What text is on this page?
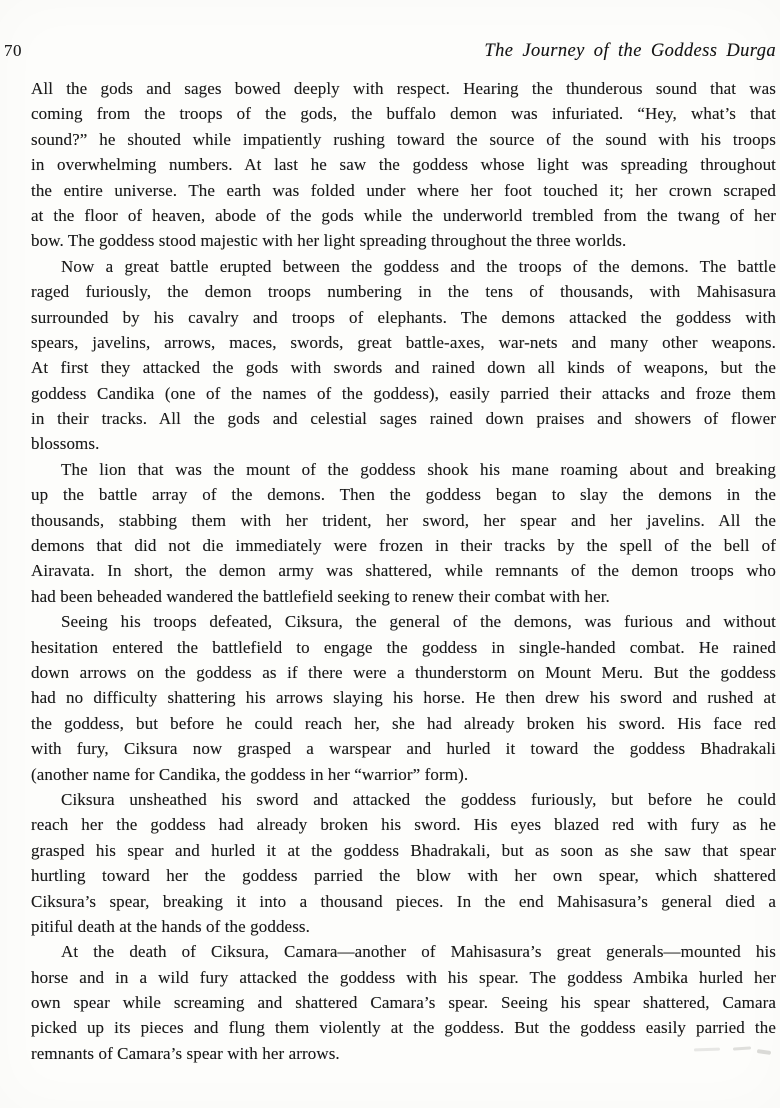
70	The Journey of the Goddess Durga
All the gods and sages bowed deeply with respect. Hearing the thunderous sound that was
coming from the troops of the gods, the buffalo demon was infuriated. “Hey, what’s that
sound?” he shouted while impatiently rushing toward the source of the sound with his troops
in overwhelming numbers. At last he saw the goddess whose light was spreading throughout
the entire universe. The earth was folded under where her foot touched it; her crown scraped
at the floor of heaven, abode of the gods while the underworld trembled from the twang of her
bow. The goddess stood majestic with her light spreading throughout the three worlds.
Now a great battle erupted between the goddess and the troops of the demons. The battle
raged furiously, the demon troops numbering in the tens of thousands, with Mahisasura
surrounded by his cavalry and troops of elephants. The demons attacked the goddess with
spears, javelins, arrows, maces, swords, great battle-axes, war-nets and many other weapons.
At first they attacked the gods with swords and rained down all kinds of weapons, but the
goddess Candika (one of the names of the goddess), easily parried their attacks and froze them
in their tracks. All the gods and celestial sages rained down praises and showers of flower
blossoms.
The lion that was the mount of the goddess shook his mane roaming about and breaking
up the battle array of the demons. Then the goddess began to slay the demons in the
thousands, stabbing them with her trident, her sword, her spear and her javelins. All the
demons that did not die immediately were frozen in their tracks by the spell of the bell of
Airavata. In short, the demon army was shattered, while remnants of the demon troops who
had been beheaded wandered the battlefield seeking to renew their combat with her.
Seeing his troops defeated, Ciksura, the general of the demons, was furious and without
hesitation entered the battlefield to engage the goddess in single-handed combat. He rained
down arrows on the goddess as if there were a thunderstorm on Mount Meru. But the goddess
had no difficulty shattering his arrows slaying his horse. He then drew his sword and rushed at
the goddess, but before he could reach her, she had already broken his sword. His face red
with fury, Ciksura now grasped a warspear and hurled it toward the goddess Bhadrakali
(another name for Candika, the goddess in her “warrior” form).
Ciksura unsheathed his sword and attacked the goddess furiously, but before he could
reach her the goddess had already broken his sword. His eyes blazed red with fury as he
grasped his spear and hurled it at the goddess Bhadrakali, but as soon as she saw that spear
hurtling toward her the goddess parried the blow with her own spear, which shattered
Ciksura’s spear, breaking it into a thousand pieces. In the end Mahisasura’s general died a
pitiful death at the hands of the goddess.
At the death of Ciksura, Camara—another of Mahisasura’s great generals—mounted his
horse and in a wild fury attacked the goddess with his spear. The goddess Ambika hurled her
own spear while screaming and shattered Camara’s spear. Seeing his spear shattered, Camara
picked up its pieces and flung them violently at the goddess. But the goddess easily parried the
remnants of Camara’s spear with her arrows.
